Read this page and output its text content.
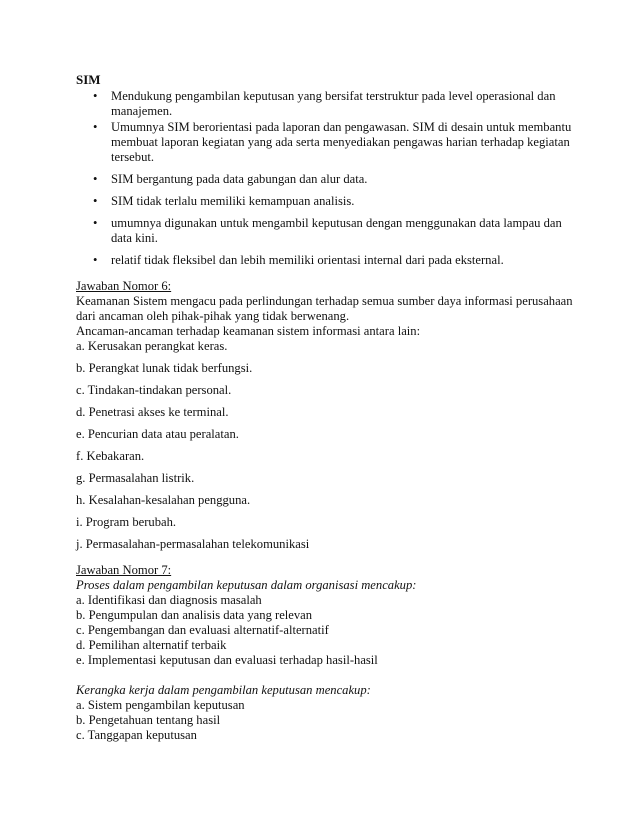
SIM
• Mendukung pengambilan keputusan yang bersifat terstruktur pada level operasional dan manajemen.
• Umumnya SIM berorientasi pada laporan dan pengawasan. SIM di desain untuk membantu membuat laporan kegiatan yang ada serta menyediakan pengawas harian terhadap kegiatan tersebut.
• SIM bergantung pada data gabungan dan alur data.
• SIM tidak terlalu memiliki kemampuan analisis.
• umumnya digunakan untuk mengambil keputusan dengan menggunakan data lampau dan data kini.
• relatif tidak fleksibel dan lebih memiliki orientasi internal dari pada eksternal.
Jawaban Nomor 6:
Keamanan Sistem mengacu pada perlindungan terhadap semua sumber daya informasi perusahaan dari ancaman oleh pihak-pihak yang tidak berwenang.
Ancaman-ancaman terhadap keamanan sistem informasi antara lain:
a. Kerusakan perangkat keras.
b. Perangkat lunak tidak berfungsi.
c. Tindakan-tindakan personal.
d. Penetrasi akses ke terminal.
e. Pencurian data atau peralatan.
f. Kebakaran.
g. Permasalahan listrik.
h. Kesalahan-kesalahan pengguna.
i. Program berubah.
j. Permasalahan-permasalahan telekomunikasi
Jawaban Nomor 7:
Proses dalam pengambilan keputusan dalam organisasi mencakup:
a. Identifikasi dan diagnosis masalah
b. Pengumpulan dan analisis data yang relevan
c. Pengembangan dan evaluasi alternatif-alternatif
d. Pemilihan alternatif terbaik
e. Implementasi keputusan dan evaluasi terhadap hasil-hasil
Kerangka kerja dalam pengambilan keputusan mencakup:
a. Sistem pengambilan keputusan
b. Pengetahuan tentang hasil
c. Tanggapan keputusan
